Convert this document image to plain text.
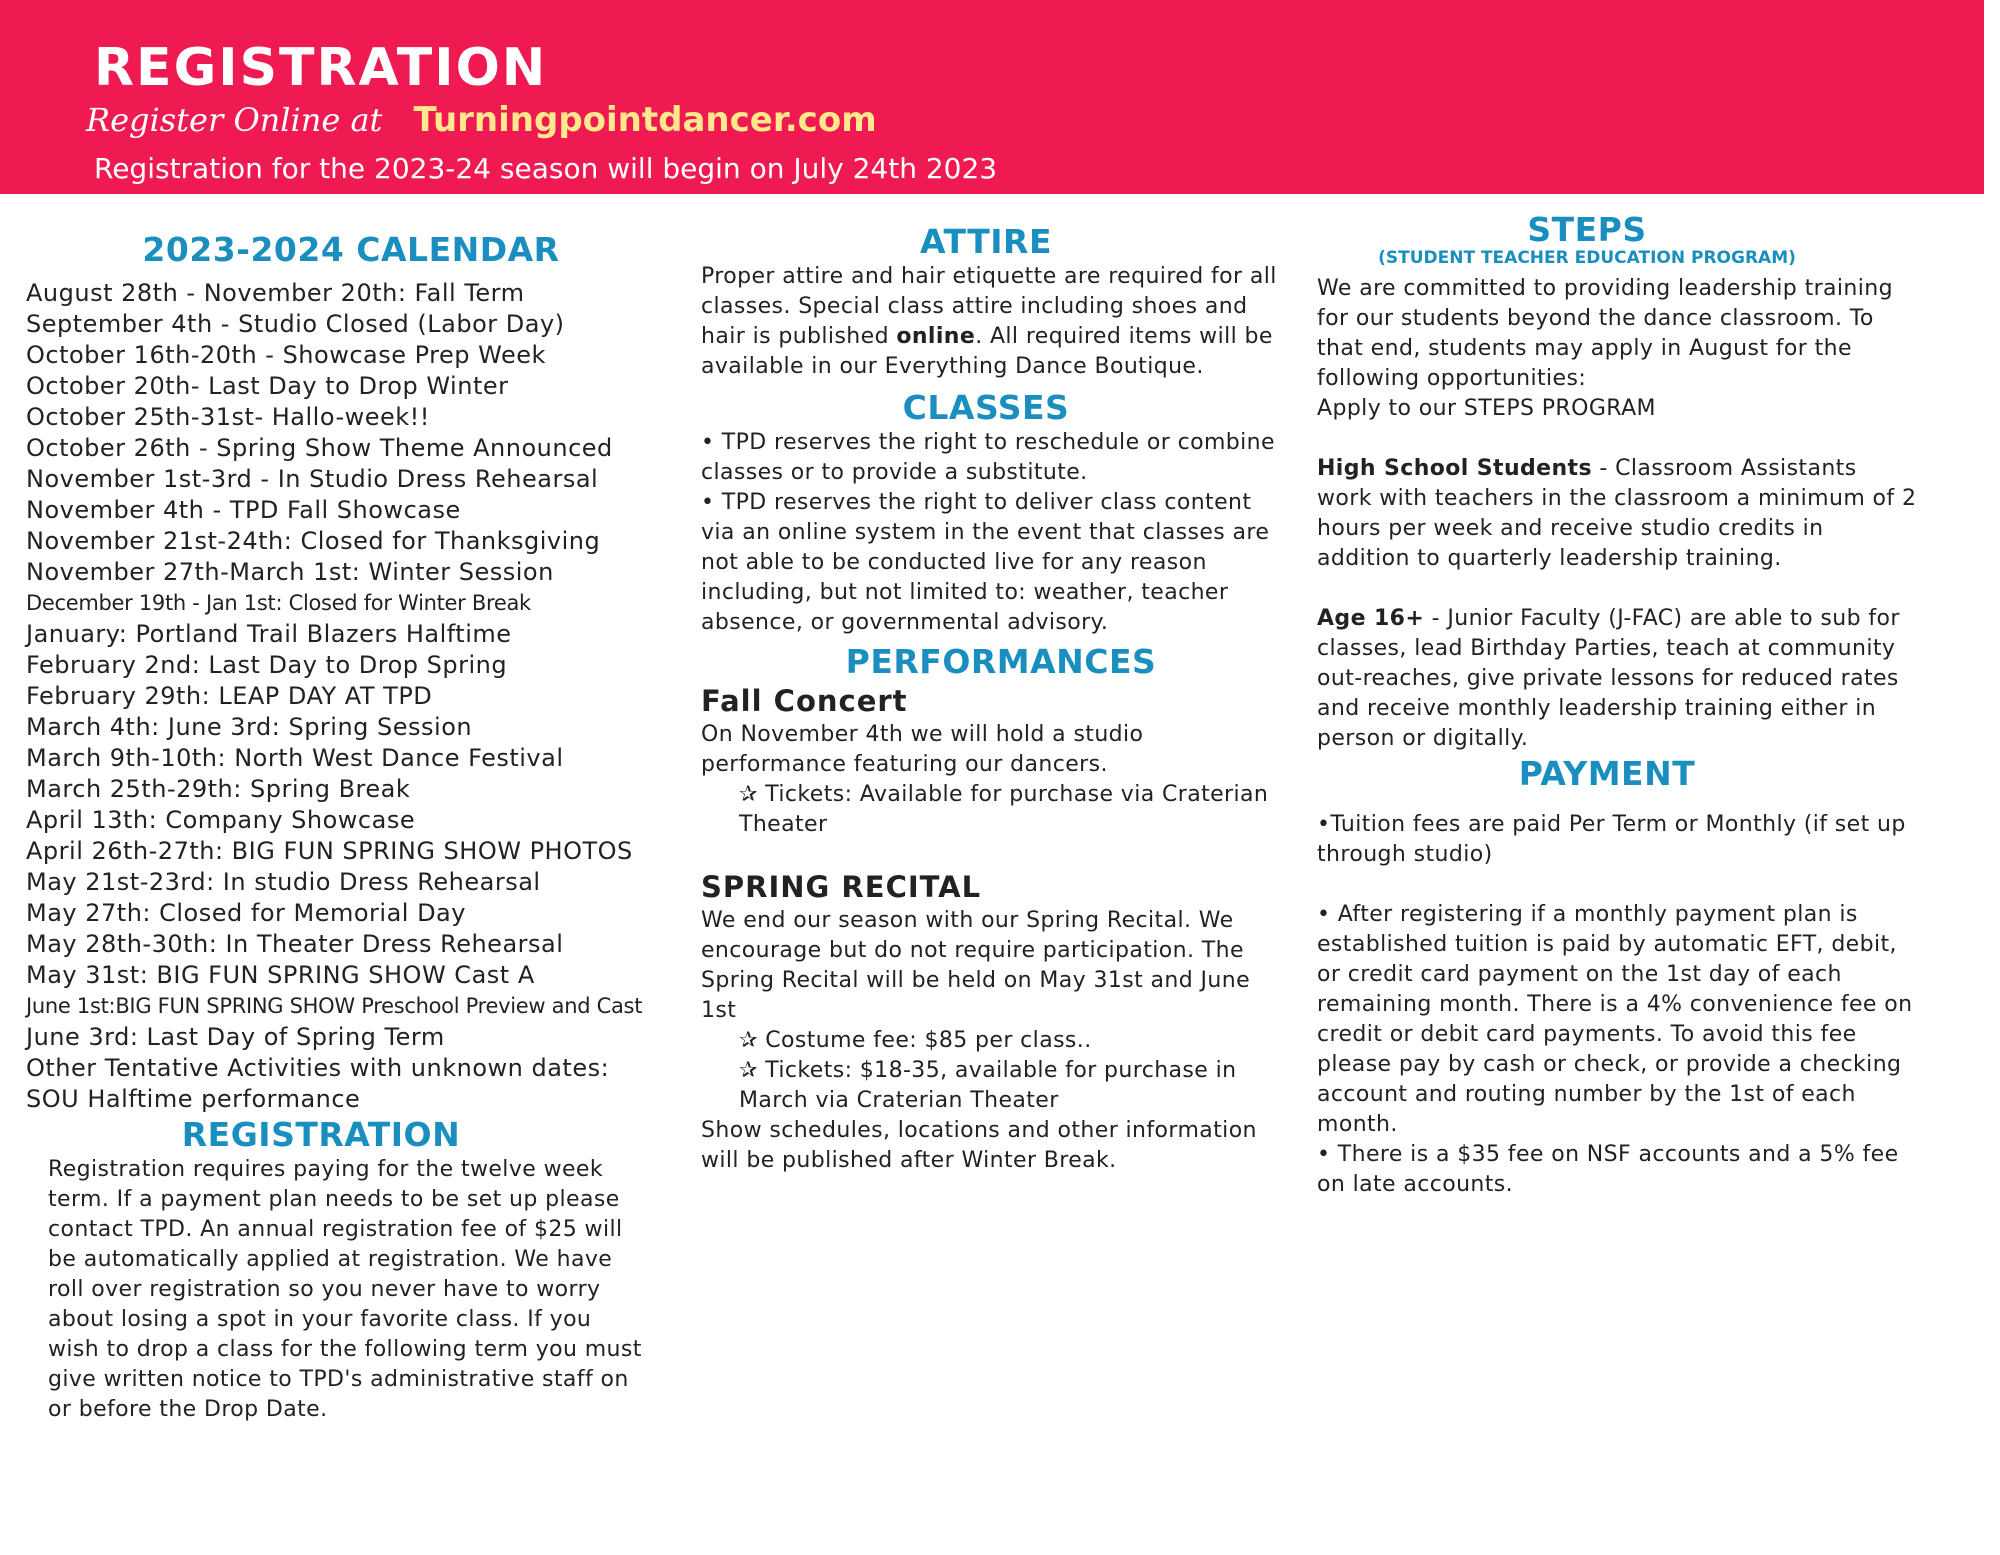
REGISTRATION
Register Online at Turningpointdancer.com
Registration for the 2023-24 season will begin on July 24th 2023
2023-2024 CALENDAR
August 28th - November 20th: Fall Term
September 4th - Studio Closed (Labor Day)
October 16th-20th - Showcase Prep Week
October 20th- Last Day to Drop Winter
October 25th-31st- Hallo-week!!
October 26th - Spring Show Theme Announced
November 1st-3rd - In Studio Dress Rehearsal
November 4th - TPD Fall Showcase
November 21st-24th: Closed for Thanksgiving
November 27th-March 1st: Winter Session
December 19th - Jan 1st: Closed for Winter Break
January: Portland Trail Blazers Halftime
February 2nd: Last Day to Drop Spring
February 29th: LEAP DAY AT TPD
March 4th: June 3rd: Spring Session
March 9th-10th: North West Dance Festival
March 25th-29th: Spring Break
April 13th: Company Showcase
April 26th-27th: BIG FUN SPRING SHOW PHOTOS
May 21st-23rd: In studio Dress Rehearsal
May 27th: Closed for Memorial Day
May 28th-30th: In Theater Dress Rehearsal
May 31st: BIG FUN SPRING SHOW Cast A
June 1st:BIG FUN SPRING SHOW Preschool Preview and Cast
June 3rd: Last Day of Spring Term
Other Tentative Activities with unknown dates:
SOU Halftime performance
REGISTRATION

Registration requires paying for the twelve week term. If a payment plan needs to be set up please contact TPD. An annual registration fee of $25 will be automatically applied at registration. We have roll over registration so you never have to worry about losing a spot in your favorite class. If you wish to drop a class for the following term you must give written notice to TPD's administrative staff on or before the Drop Date.

ATTIRE

Proper attire and hair etiquette are required for all classes. Special class attire including shoes and hair is published online. All required items will be available in our Everything Dance Boutique.

CLASSES

• TPD reserves the right to reschedule or combine classes or to provide a substitute.

• TPD reserves the right to deliver class content via an online system in the event that classes are not able to be conducted live for any reason including, but not limited to: weather, teacher absence, or governmental advisory.

PERFORMANCES

Fall Concert

On November 4th we will hold a studio performance featuring our dancers.

✰ Tickets: Available for purchase via Craterian Theater

SPRING RECITAL

We end our season with our Spring Recital. We encourage but do not require participation. The Spring Recital will be held on May 31st and June 1st

✰ Costume fee: $85 per class..

✰ Tickets: $18-35, available for purchase in March via Craterian Theater

Show schedules, locations and other information will be published after Winter Break.

STEPS

(STUDENT TEACHER EDUCATION PROGRAM)

We are committed to providing leadership training for our students beyond the dance classroom. To that end, students may apply in August for the following opportunities:

Apply to our STEPS PROGRAM

High School Students - Classroom Assistants work with teachers in the classroom a minimum of 2 hours per week and receive studio credits in addition to quarterly leadership training.

Age 16+ - Junior Faculty (J-FAC) are able to sub for classes, lead Birthday Parties, teach at community out-reaches, give private lessons for reduced rates and receive monthly leadership training either in person or digitally.

PAYMENT

•Tuition fees are paid Per Term or Monthly (if set up through studio)

• After registering if a monthly payment plan is established tuition is paid by automatic EFT, debit, or credit card payment on the 1st day of each remaining month. There is a 4% convenience fee on credit or debit card payments. To avoid this fee please pay by cash or check, or provide a checking account and routing number by the 1st of each month.

• There is a $35 fee on NSF accounts and a 5% fee on late accounts.
